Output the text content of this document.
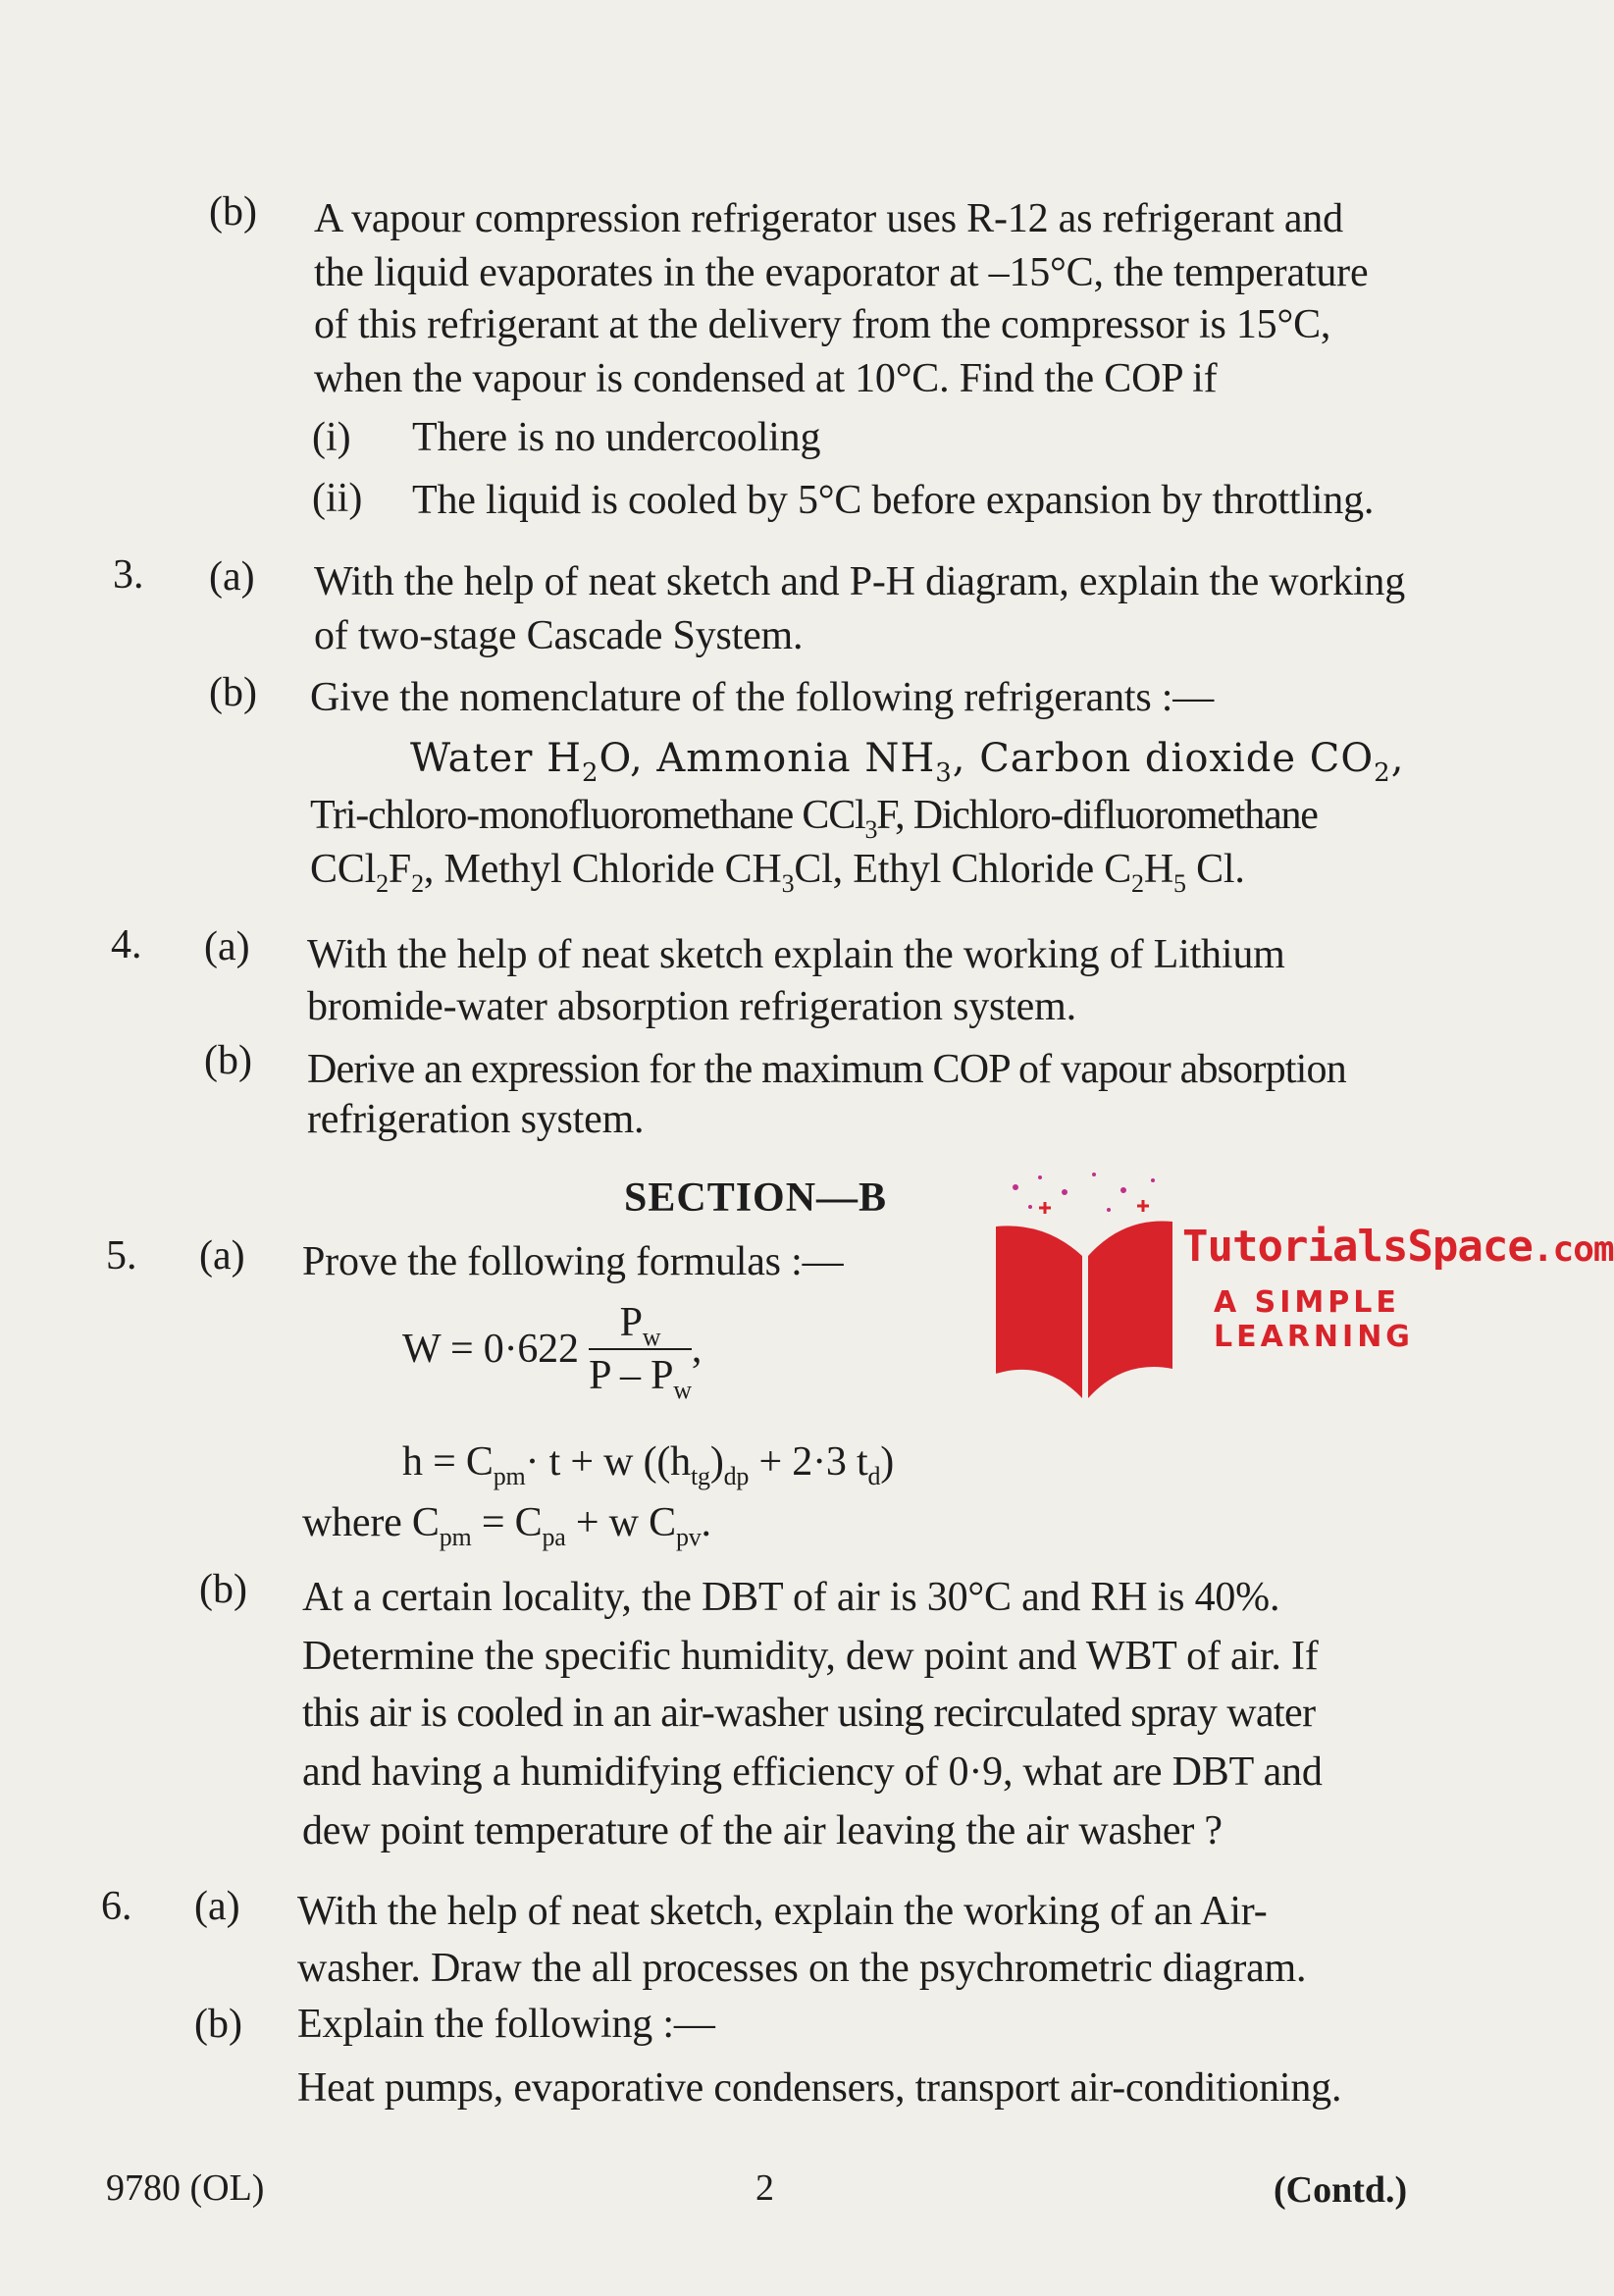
(b) A vapour compression refrigerator uses R-12 as refrigerant and
the liquid evaporates in the evaporator at –15°C, the temperature
of this refrigerant at the delivery from the compressor is 15°C,
when the vapour is condensed at 10°C. Find the COP if
(i) There is no undercooling
(ii) The liquid is cooled by 5°C before expansion by throttling.
3. (a) With the help of neat sketch and P-H diagram, explain the working
of two-stage Cascade System.
(b) Give the nomenclature of the following refrigerants :—
Water $H_2O$, Ammonia $NH_3$, Carbon dioxide $CO_2$,
Tri-chloro-monofluoromethane CCl$_3$F, Dichloro-difluoromethane
$CCl_2F_2$, Methyl Chloride $CH_3Cl$, Ethyl Chloride $C_2H_5$ Cl.
4. (a) With the help of neat sketch explain the working of Lithium
bromide-water absorption refrigeration system.
(b) Derive an expression for the maximum COP of vapour absorption
refrigeration system.
SECTION—B
5. (a) Prove the following formulas :—
$W = 0\cdot 622 \frac{P_w}{P - P_w}$ ,
$h = C_{pm}\cdot t + w$ ($(h_{tg})_{dp} + 2\cdot 3$ $t_d$)
where $C_{pm} = C_{pa} + w$ $C_{pv}$.
(b) At a certain locality, the DBT of air is 30°C and RH is 40%.
Determine the specific humidity, dew point and WBT of air. If
this air is cooled in an air-washer using recirculated spray water
and having a humidifying efficiency of 0·9, what are DBT and
dew point temperature of the air leaving the air washer ?
6. (a) With the help of neat sketch, explain the working of an Air-
washer. Draw the all processes on the psychrometric diagram.
(b) Explain the following :—
Heat pumps, evaporative condensers, transport air-conditioning.
9780 (OL)	2	(Contd.)
TutorialsSpace.com
A SIMPLE LEARNING
